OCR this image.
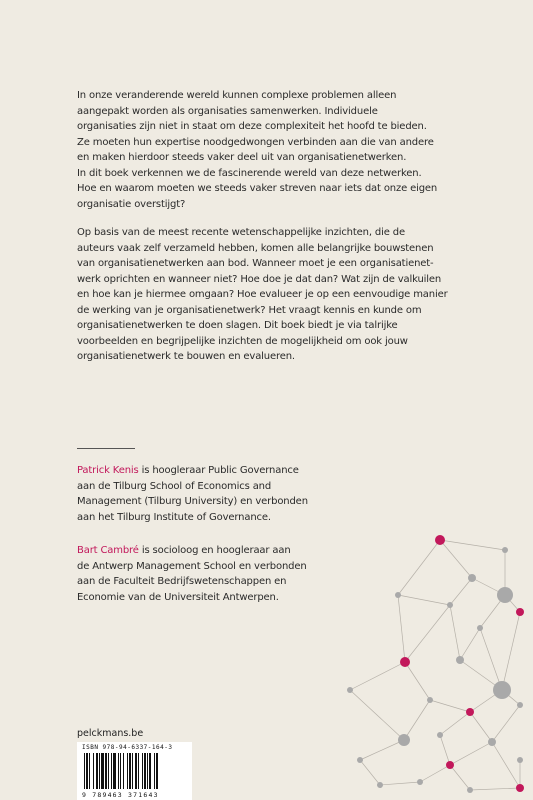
In onze veranderende wereld kunnen complexe problemen alleen
aangepakt worden als organisaties samenwerken. Individuele
organisaties zijn niet in staat om deze complexiteit het hoofd te bieden.
Ze moeten hun expertise noodgedwongen verbinden aan die van andere
en maken hierdoor steeds vaker deel uit van organisatienetwerken.
In dit boek verkennen we de fascinerende wereld van deze netwerken.
Hoe en waarom moeten we steeds vaker streven naar iets dat onze eigen
organisatie overstijgt?

Op basis van de meest recente wetenschappelijke inzichten, die de
auteurs vaak zelf verzameld hebben, komen alle belangrijke bouwstenen
van organisatienetwerken aan bod. Wanneer moet je een organisatienet-
werk oprichten en wanneer niet? Hoe doe je dat dan? Wat zijn de valkuilen
en hoe kan je hiermee omgaan? Hoe evalueer je op een eenvoudige manier
de werking van je organisatienetwerk? Het vraagt kennis en kunde om
organisatienetwerken te doen slagen. Dit boek biedt je via talrijke
voorbeelden en begrijpelijke inzichten de mogelijkheid om ook jouw
organisatienetwerk te bouwen en evalueren.

Patrick Kenis is hoogleraar Public Governance
aan de Tilburg School of Economics and
Management (Tilburg University) en verbonden
aan het Tilburg Institute of Governance.

Bart Cambré is socioloog en hoogleraar aan
de Antwerp Management School en verbonden
aan de Faculteit Bedrijfswetenschappen en
Economie van de Universiteit Antwerpen.

pelckmans.be
ISBN 978-94-6337-164-3
9 789463 371643
